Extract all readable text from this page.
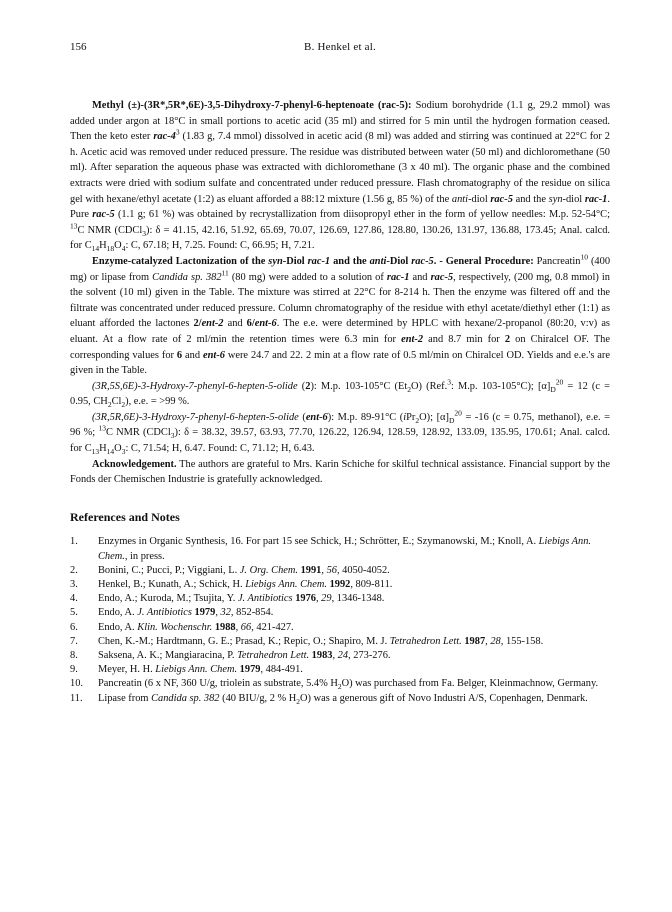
156	B. Henkel et al.

Methyl (±)-(3R*,5R*,6E)-3,5-Dihydroxy-7-phenyl-6-heptenoate (rac-5): Sodium borohydride (1.1 g, 29.2 mmol) was added under argon at 18°C in small portions to acetic acid (35 ml) and stirred for 5 min until the hydrogen formation ceased. Then the keto ester rac-$4^3$ (1.83 g, 7.4 mmol) dissolved in acetic acid (8 ml) was added and stirring was continued at 22°C for 2 h. Acetic acid was removed under reduced pressure. The residue was distributed between water (50 ml) and dichloromethane (50 ml). After separation the aqueous phase was extracted with dichloromethane (3 x 40 ml). The organic phase and the combined extracts were dried with sodium sulfate and concentrated under reduced pressure. Flash chromatography of the residue on silica gel with hexane/ethyl acetate (1:2) as eluant afforded a 88:12 mixture (1.56 g, 85 %) of the anti-diol rac-5 and the syn-diol rac-1. Pure rac-5 (1.1 g; 61 %) was obtained by recrystallization from diisopropyl ether in the form of yellow needles: M.p. 52-54°C; $^{13}$C NMR (CDCl$_3$): δ = 41.15, 42.16, 51.92, 65.69, 70.07, 126.69, 127.86, 128.80, 130.26, 131.97, 136.88, 173.45; Anal. calcd. for $C_{14}H_{18}O_4$: C, 67.18; H, 7.25. Found: C, 66.95; H, 7.21.

Enzyme-catalyzed Lactonization of the syn-Diol rac-1 and the anti-Diol rac-5. - General Procedure: Pancreatin$^{10}$ (400 mg) or lipase from Candida sp. $382^{11}$ (80 mg) were added to a solution of rac-1 and rac-5, respectively, (200 mg, 0.8 mmol) in the solvent (10 ml) given in the Table. The mixture was stirred at 22°C for 8-214 h. Then the enzyme was filtered off and the filtrate was concentrated under reduced pressure. Column chromatography of the residue with ethyl acetate/diethyl ether (1:1) as eluant afforded the lactones 2/ent-2 and 6/ent-6. The e.e. were determined by HPLC with hexane/2-propanol (80:20, v:v) as eluant. At a flow rate of 2 ml/min the retention times were 6.3 min for ent-2 and 8.7 min for 2 on Chiralcel OF. The corresponding values for 6 and ent-6 were 24.7 and 22. 2 min at a flow rate of 0.5 ml/min on Chiralcel OD. Yields and e.e.'s are given in the Table.

(3R,5S,6E)-3-Hydroxy-7-phenyl-6-hepten-5-olide (2): M.p. 103-105°C $(Et_2O)$ (Ref.$^3$: M.p. 103-105°C); $[\alpha]_D^{20} = 12$ (c = 0.95, $CH_2Cl_2$), e.e. = >99 %.

(3R,5R,6E)-3-Hydroxy-7-phenyl-6-hepten-5-olide (ent-6): M.p. 89-91°C (iPr$_2$O); $[\alpha]_D^{20} = -16$ (c = 0.75, methanol), e.e. = 96 %; $^{13}$C NMR (CDCl$_3$): δ = 38.32, 39.57, 63.93, 77.70, 126.22, 126.94, 128.59, 128.92, 133.09, 135.95, 170.61; Anal. calcd. for $C_{13}H_{14}O_3$: C, 71.54; H, 6.47. Found: C, 71.12; H, 6.43.

Acknowledgement. The authors are grateful to Mrs. Karin Schiche for skilful technical assistance. Financial support by the Fonds der Chemischen Industrie is gratefully acknowledged.

References and Notes
1. Enzymes in Organic Synthesis, 16. For part 15 see Schick, H.; Schrötter, E.; Szymanowski, M.; Knoll, A. Liebigs Ann. Chem., in press.
2. Bonini, C.; Pucci, P.; Viggiani, L. J. Org. Chem. 1991, 56, 4050-4052.
3. Henkel, B.; Kunath, A.; Schick, H. Liebigs Ann. Chem. 1992, 809-811.
4. Endo, A.; Kuroda, M.; Tsujita, Y. J. Antibiotics 1976, 29, 1346-1348.
5. Endo, A. J. Antibiotics 1979, 32, 852-854.
6. Endo, A. Klin. Wochenschr. 1988, 66, 421-427.
7. Chen, K.-M.; Hardtmann, G. E.; Prasad, K.; Repic, O.; Shapiro, M. J. Tetrahedron Lett. 1987, 28, 155-158.
8. Saksena, A. K.; Mangiaracina, P. Tetrahedron Lett. 1983, 24, 273-276.
9. Meyer, H. H. Liebigs Ann. Chem. 1979, 484-491.
10. Pancreatin (6 x NF, 360 U/g, triolein as substrate, 5.4% $H_2O$) was purchased from Fa. Belger, Kleinmachnow, Germany.
11. Lipase from Candida sp. 382 (40 BIU/g, 2 % $H_2O$) was a generous gift of Novo Industri A/S, Copenhagen, Denmark.
